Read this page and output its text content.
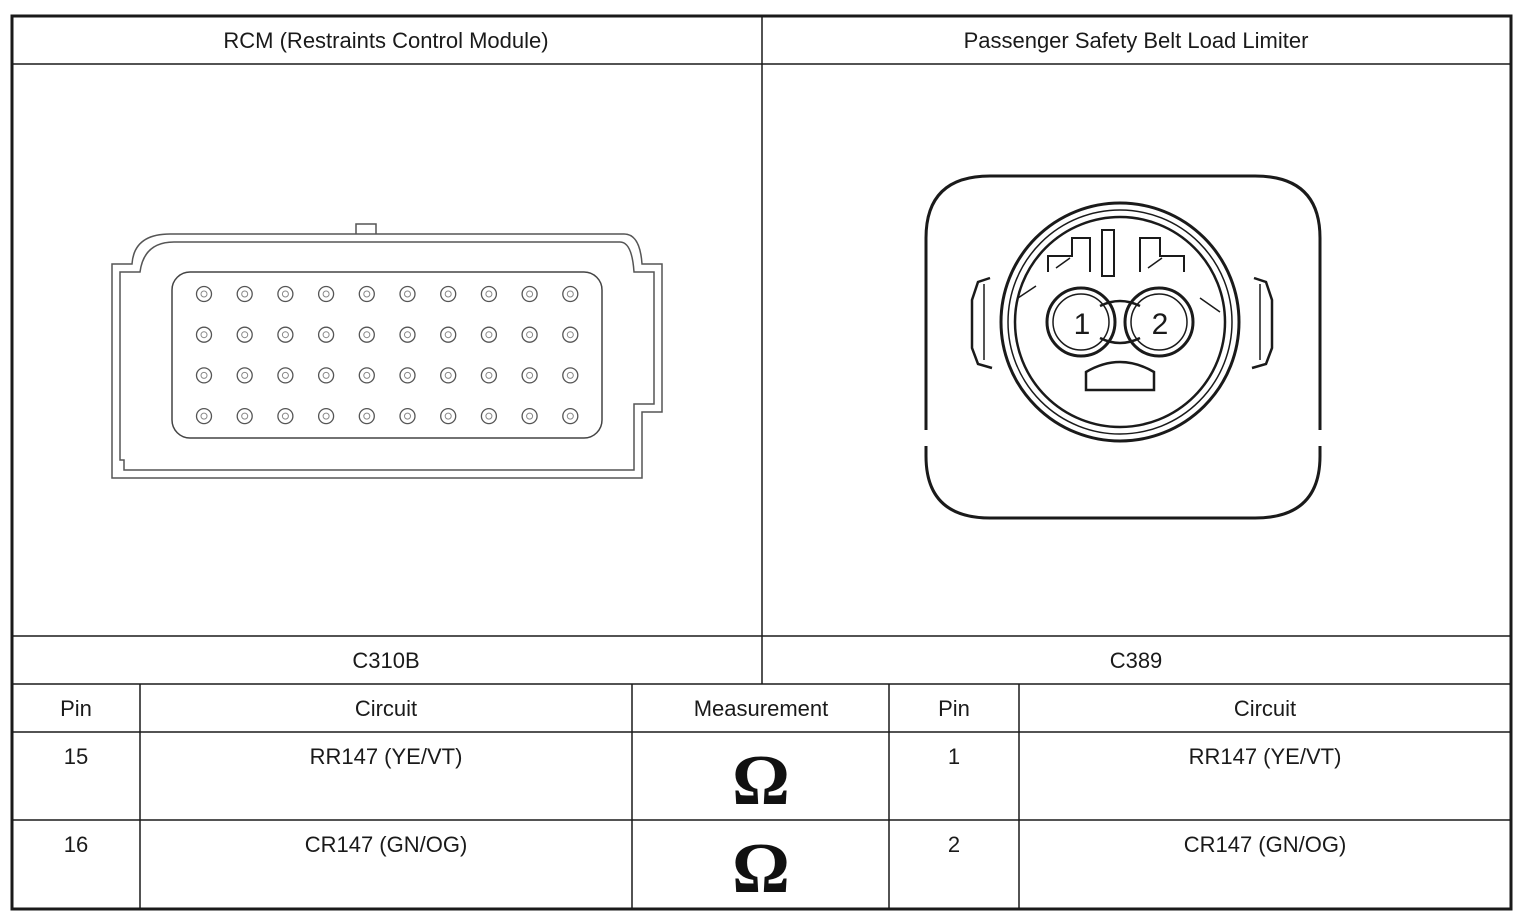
RCM (Restraints Control Module)	Passenger Safety Belt Load Limiter
1 2
C310B	C389
Pin	Circuit	Measurement	Pin	Circuit
15	RR147 (YE/VT)	Ω	1	RR147 (YE/VT)
16	CR147 (GN/OG)	Ω	2	CR147 (GN/OG)
